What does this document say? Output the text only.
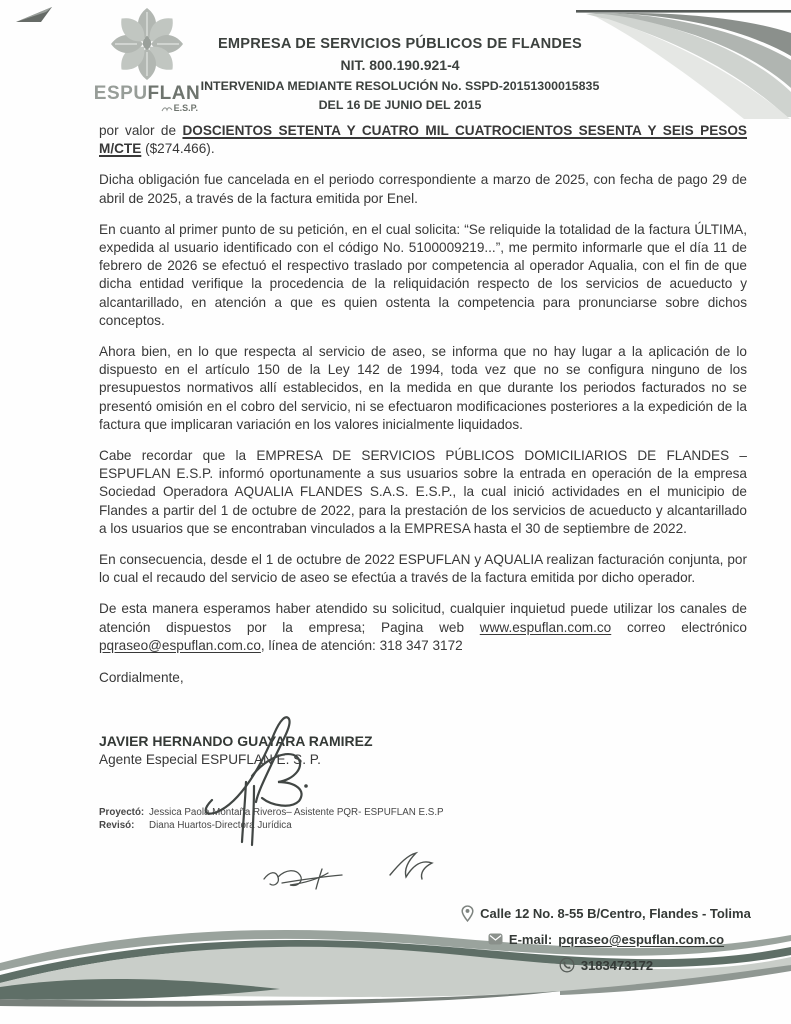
ESPUFLAN
E.S.P.
EMPRESA DE SERVICIOS PÚBLICOS DE FLANDES
NIT. 800.190.921-4
INTERVENIDA MEDIANTE RESOLUCIÓN No. SSPD-20151300015835
DEL 16 DE JUNIO DEL 2015

por valor de DOSCIENTOS SETENTA Y CUATRO MIL CUATROCIENTOS SESENTA Y SEIS PESOS M/CTE ($274.466).

Dicha obligación fue cancelada en el periodo correspondiente a marzo de 2025, con fecha de pago 29 de abril de 2025, a través de la factura emitida por Enel.

En cuanto al primer punto de su petición, en el cual solicita: “Se reliquide la totalidad de la factura ÚLTIMA, expedida al usuario identificado con el código No. 5100009219...”, me permito informarle que el día 11 de febrero de 2026 se efectuó el respectivo traslado por competencia al operador Aqualia, con el fin de que dicha entidad verifique la procedencia de la reliquidación respecto de los servicios de acueducto y alcantarillado, en atención a que es quien ostenta la competencia para pronunciarse sobre dichos conceptos.

Ahora bien, en lo que respecta al servicio de aseo, se informa que no hay lugar a la aplicación de lo dispuesto en el artículo 150 de la Ley 142 de 1994, toda vez que no se configura ninguno de los presupuestos normativos allí establecidos, en la medida en que durante los periodos facturados no se presentó omisión en el cobro del servicio, ni se efectuaron modificaciones posteriores a la expedición de la factura que implicaran variación en los valores inicialmente liquidados.

Cabe recordar que la EMPRESA DE SERVICIOS PÚBLICOS DOMICILIARIOS DE FLANDES – ESPUFLAN E.S.P. informó oportunamente a sus usuarios sobre la entrada en operación de la empresa Sociedad Operadora AQUALIA FLANDES S.A.S. E.S.P., la cual inició actividades en el municipio de Flandes a partir del 1 de octubre de 2022, para la prestación de los servicios de acueducto y alcantarillado a los usuarios que se encontraban vinculados a la EMPRESA hasta el 30 de septiembre de 2022.

En consecuencia, desde el 1 de octubre de 2022 ESPUFLAN y AQUALIA realizan facturación conjunta, por lo cual el recaudo del servicio de aseo se efectúa a través de la factura emitida por dicho operador.

De esta manera esperamos haber atendido su solicitud, cualquier inquietud puede utilizar los canales de atención dispuestos por la empresa; Pagina web www.espuflan.com.co correo electrónico pqraseo@espuflan.com.co, línea de atención: 318 347 3172

Cordialmente,

JAVIER HERNANDO GUAYARA RAMIREZ
Agente Especial ESPUFLAN E. S. P.
Proyectó: Jessica Paola Montaña Riveros– Asistente PQR- ESPUFLAN E.S.P
Revisó: Diana Huartos-Directora Jurídica
Calle 12 No. 8-55 B/Centro, Flandes - Tolima
E-mail: pqraseo@espuflan.com.co
3183473172
